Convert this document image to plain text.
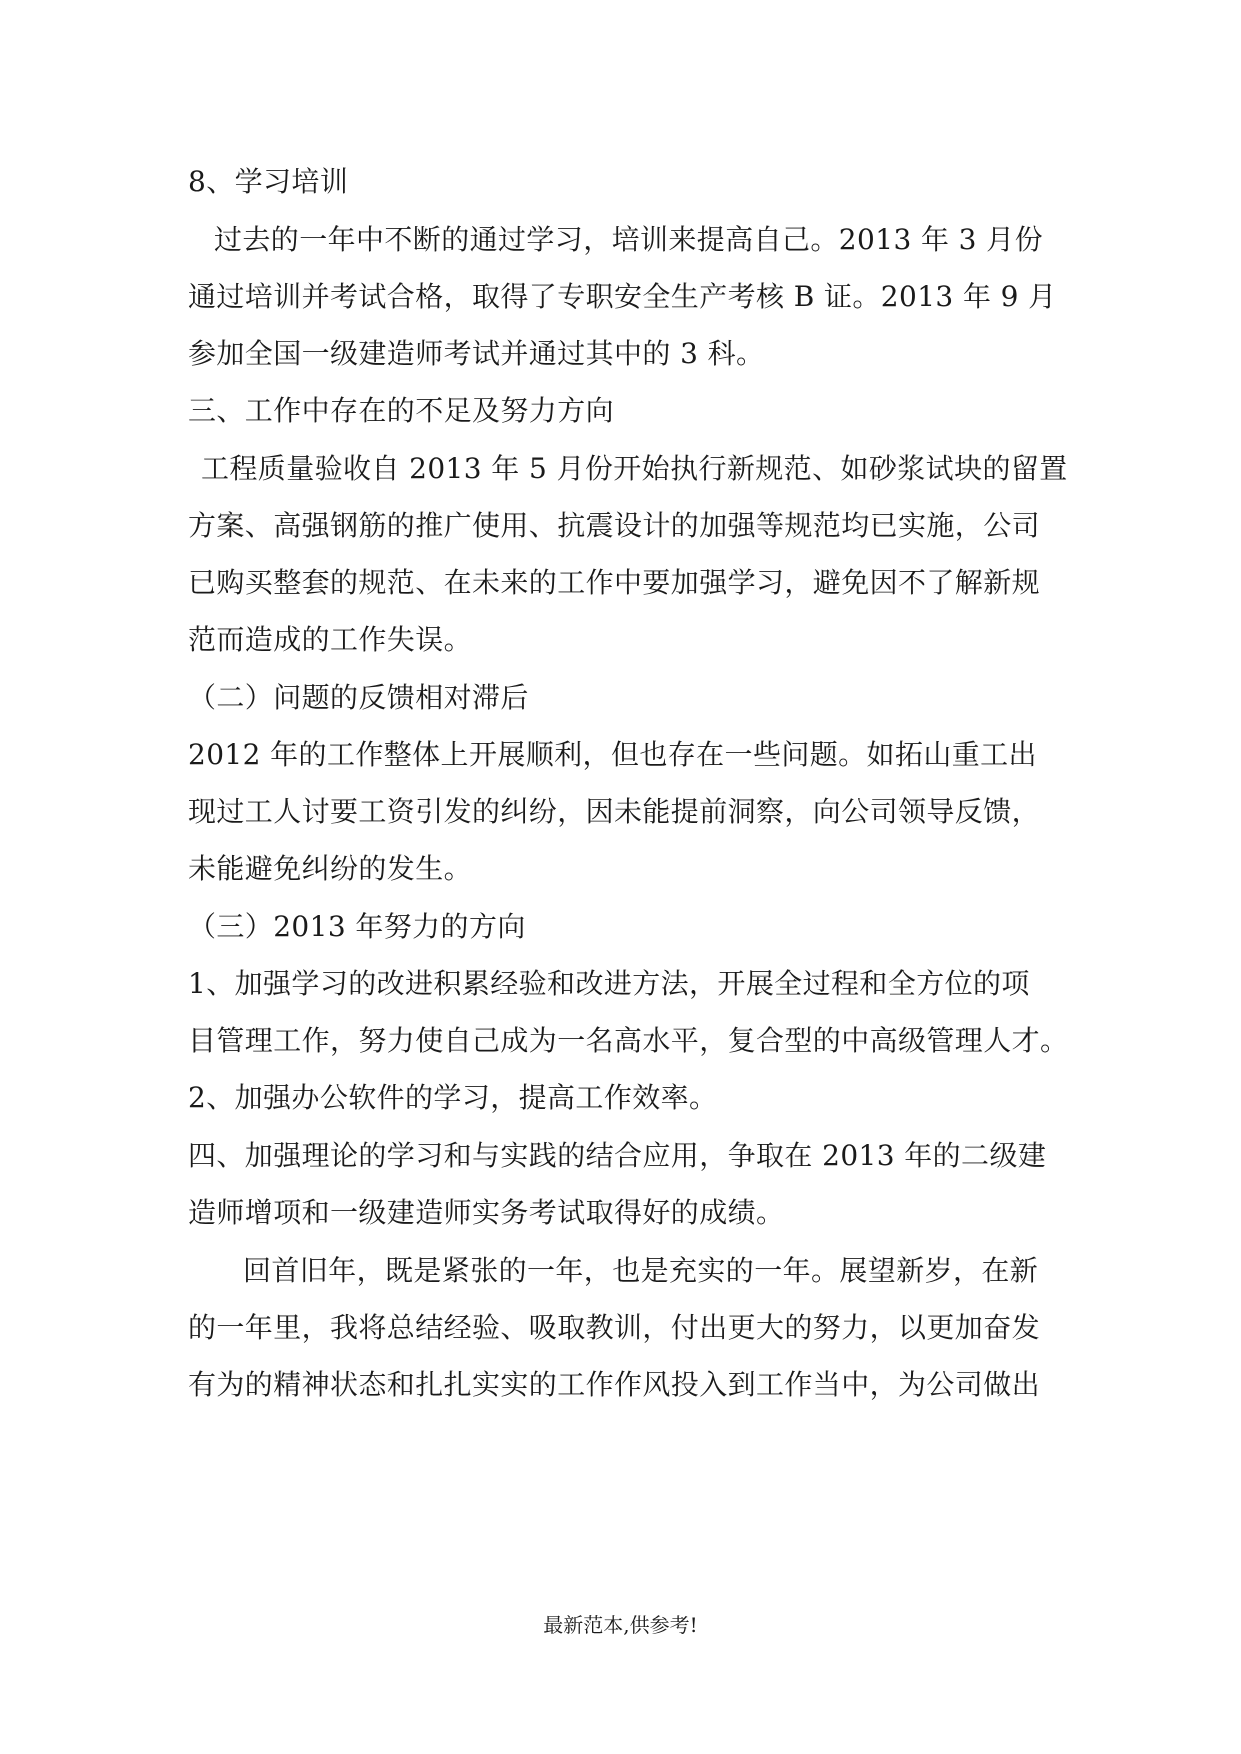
8、学习培训
过去的一年中不断的通过学习，培训来提高自己。2013 年 3 月份
通过培训并考试合格，取得了专职安全生产考核 B 证。2013 年 9 月
参加全国一级建造师考试并通过其中的 3 科。
三、工作中存在的不足及努力方向
工程质量验收自 2013 年 5 月份开始执行新规范、如砂浆试块的留置
方案、高强钢筋的推广使用、抗震设计的加强等规范均已实施，公司
已购买整套的规范、在未来的工作中要加强学习，避免因不了解新规
范而造成的工作失误。
（二）问题的反馈相对滞后
2012 年的工作整体上开展顺利，但也存在一些问题。如拓山重工出
现过工人讨要工资引发的纠纷，因未能提前洞察，向公司领导反馈，
未能避免纠纷的发生。
（三）2013 年努力的方向
1、加强学习的改进积累经验和改进方法，开展全过程和全方位的项
目管理工作，努力使自己成为一名高水平，复合型的中高级管理人才。
2、加强办公软件的学习，提高工作效率。
四、加强理论的学习和与实践的结合应用，争取在 2013 年的二级建
造师增项和一级建造师实务考试取得好的成绩。
回首旧年，既是紧张的一年，也是充实的一年。展望新岁，在新
的一年里，我将总结经验、吸取教训，付出更大的努力，以更加奋发
有为的精神状态和扎扎实实的工作作风投入到工作当中，为公司做出
最新范本,供参考!
